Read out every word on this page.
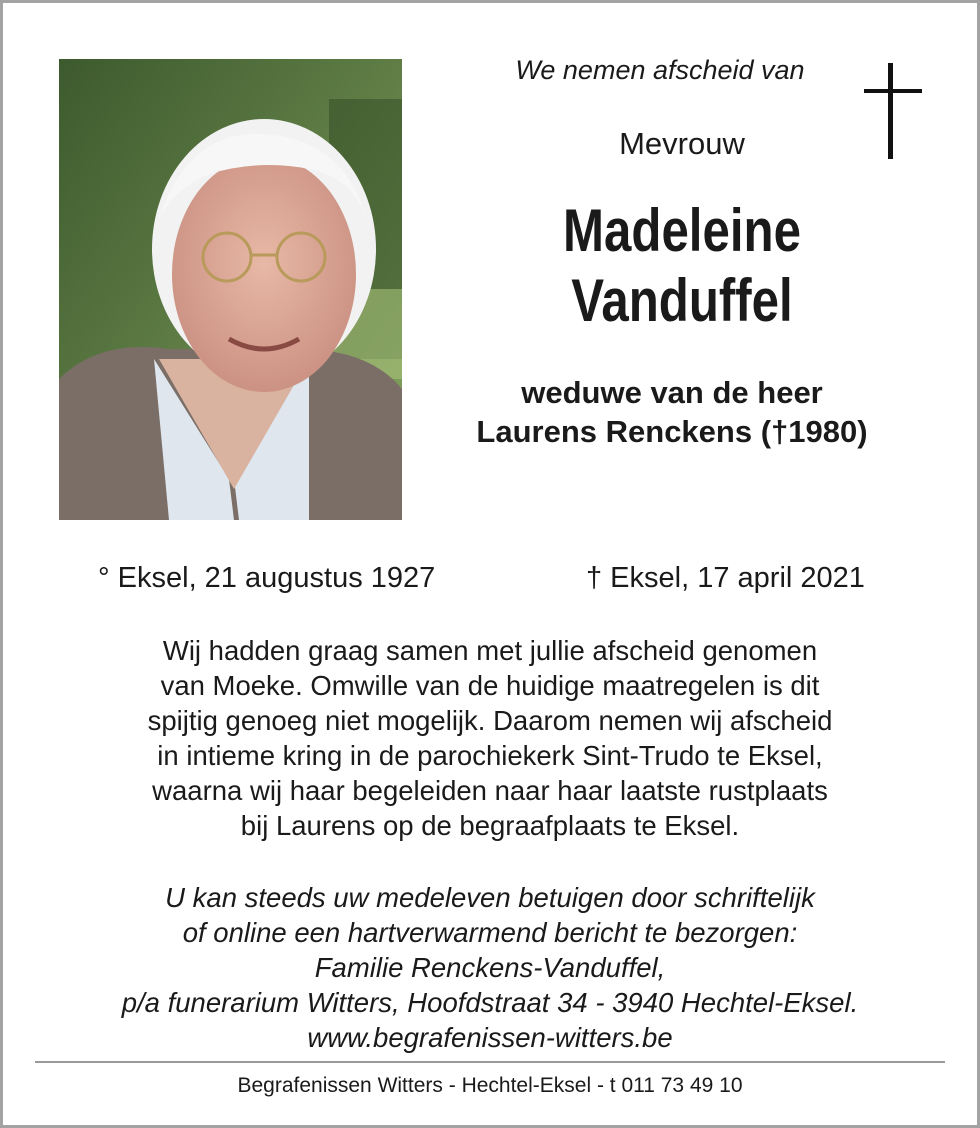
We nemen afscheid van
Mevrouw
Madeleine
Vanduffel
weduwe van de heer
Laurens Renckens (†1980)
° Eksel, 21 augustus 1927	† Eksel, 17 april 2021
Wij hadden graag samen met jullie afscheid genomen
van Moeke. Omwille van de huidige maatregelen is dit
spijtig genoeg niet mogelijk. Daarom nemen wij afscheid
in intieme kring in de parochiekerk Sint-Trudo te Eksel,
waarna wij haar begeleiden naar haar laatste rustplaats
bij Laurens op de begraafplaats te Eksel.
U kan steeds uw medeleven betuigen door schriftelijk
of online een hartverwarmend bericht te bezorgen:
Familie Renckens-Vanduffel,
p/a funerarium Witters, Hoofdstraat 34 - 3940 Hechtel-Eksel.
www.begrafenissen-witters.be
Begrafenissen Witters - Hechtel-Eksel - t 011 73 49 10
